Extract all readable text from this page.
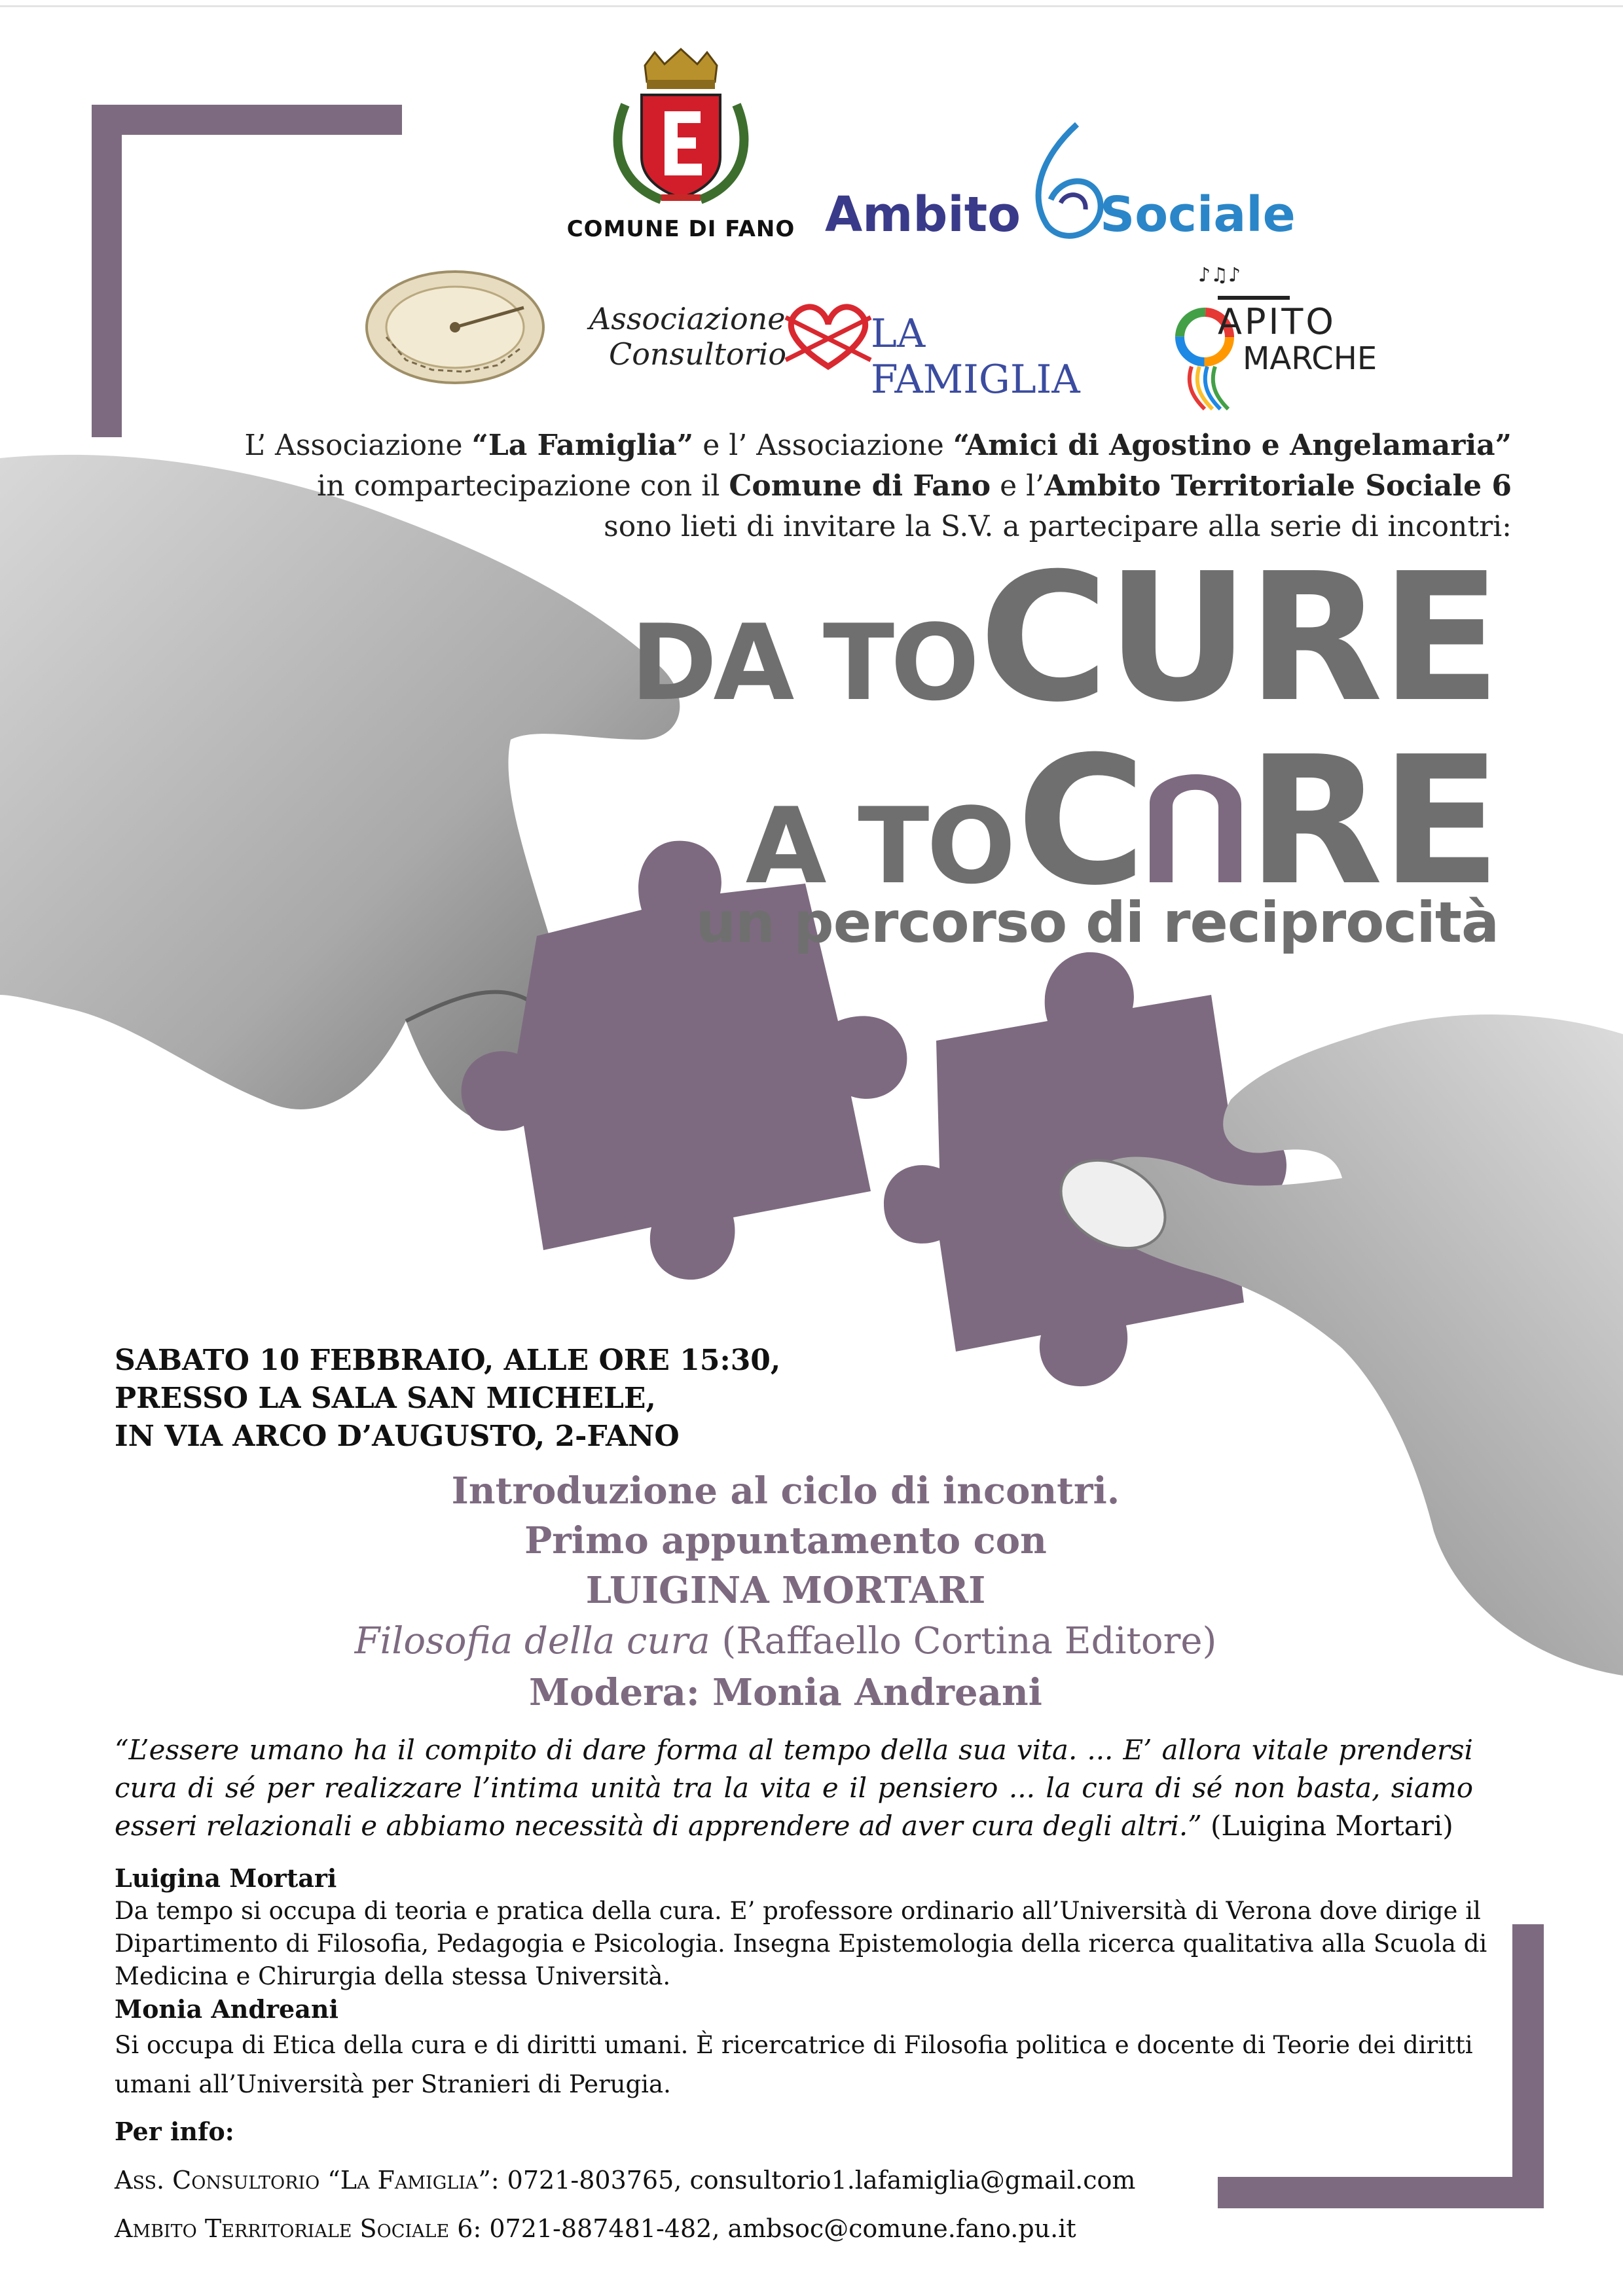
COMUNE DI FANO Ambito Sociale
Associazione
Consultorio LA FAMIGLIA
♪♫♪
APITO
MARCHE
L’ Associazione “La Famiglia” e l’ Associazione “Amici di Agostino e Angelamaria”
in compartecipazione con il Comune di Fano e l’Ambito Territoriale Sociale 6
sono lieti di invitare la S.V. a partecipare alla serie di incontri:
DA TO CURE
A TO C RE
un percorso di reciprocità
SABATO 10 FEBBRAIO, ALLE ORE 15:30,
PRESSO LA SALA SAN MICHELE,
IN VIA ARCO D’AUGUSTO, 2-FANO
Introduzione al ciclo di incontri.
Primo appuntamento con
LUIGINA MORTARI
Filosofia della cura (Raffaello Cortina Editore)
Modera: Monia Andreani
“L’essere umano ha il compito di dare forma al tempo della sua vita. ... E’ allora vitale prendersi cura di sé per realizzare l’intima unità tra la vita e il pensiero ... la cura di sé non basta, siamo esseri relazionali e abbiamo necessità di apprendere ad aver cura degli altri.” (Luigina Mortari)
Luigina Mortari
Da tempo si occupa di teoria e pratica della cura. E’ professore ordinario all’Università di Verona dove dirige il Dipartimento di Filosofia, Pedagogia e Psicologia. Insegna Epistemologia della ricerca qualitativa alla Scuola di Medicina e Chirurgia della stessa Università.
Monia Andreani
Si occupa di Etica della cura e di diritti umani. È ricercatrice di Filosofia politica e docente di Teorie dei diritti umani all’Università per Stranieri di Perugia.
Per info:
Ass. Consultorio “La Famiglia”: 0721-803765, consultorio1.lafamiglia@gmail.com
Ambito Territoriale Sociale 6: 0721-887481-482, ambsoc@comune.fano.pu.it
